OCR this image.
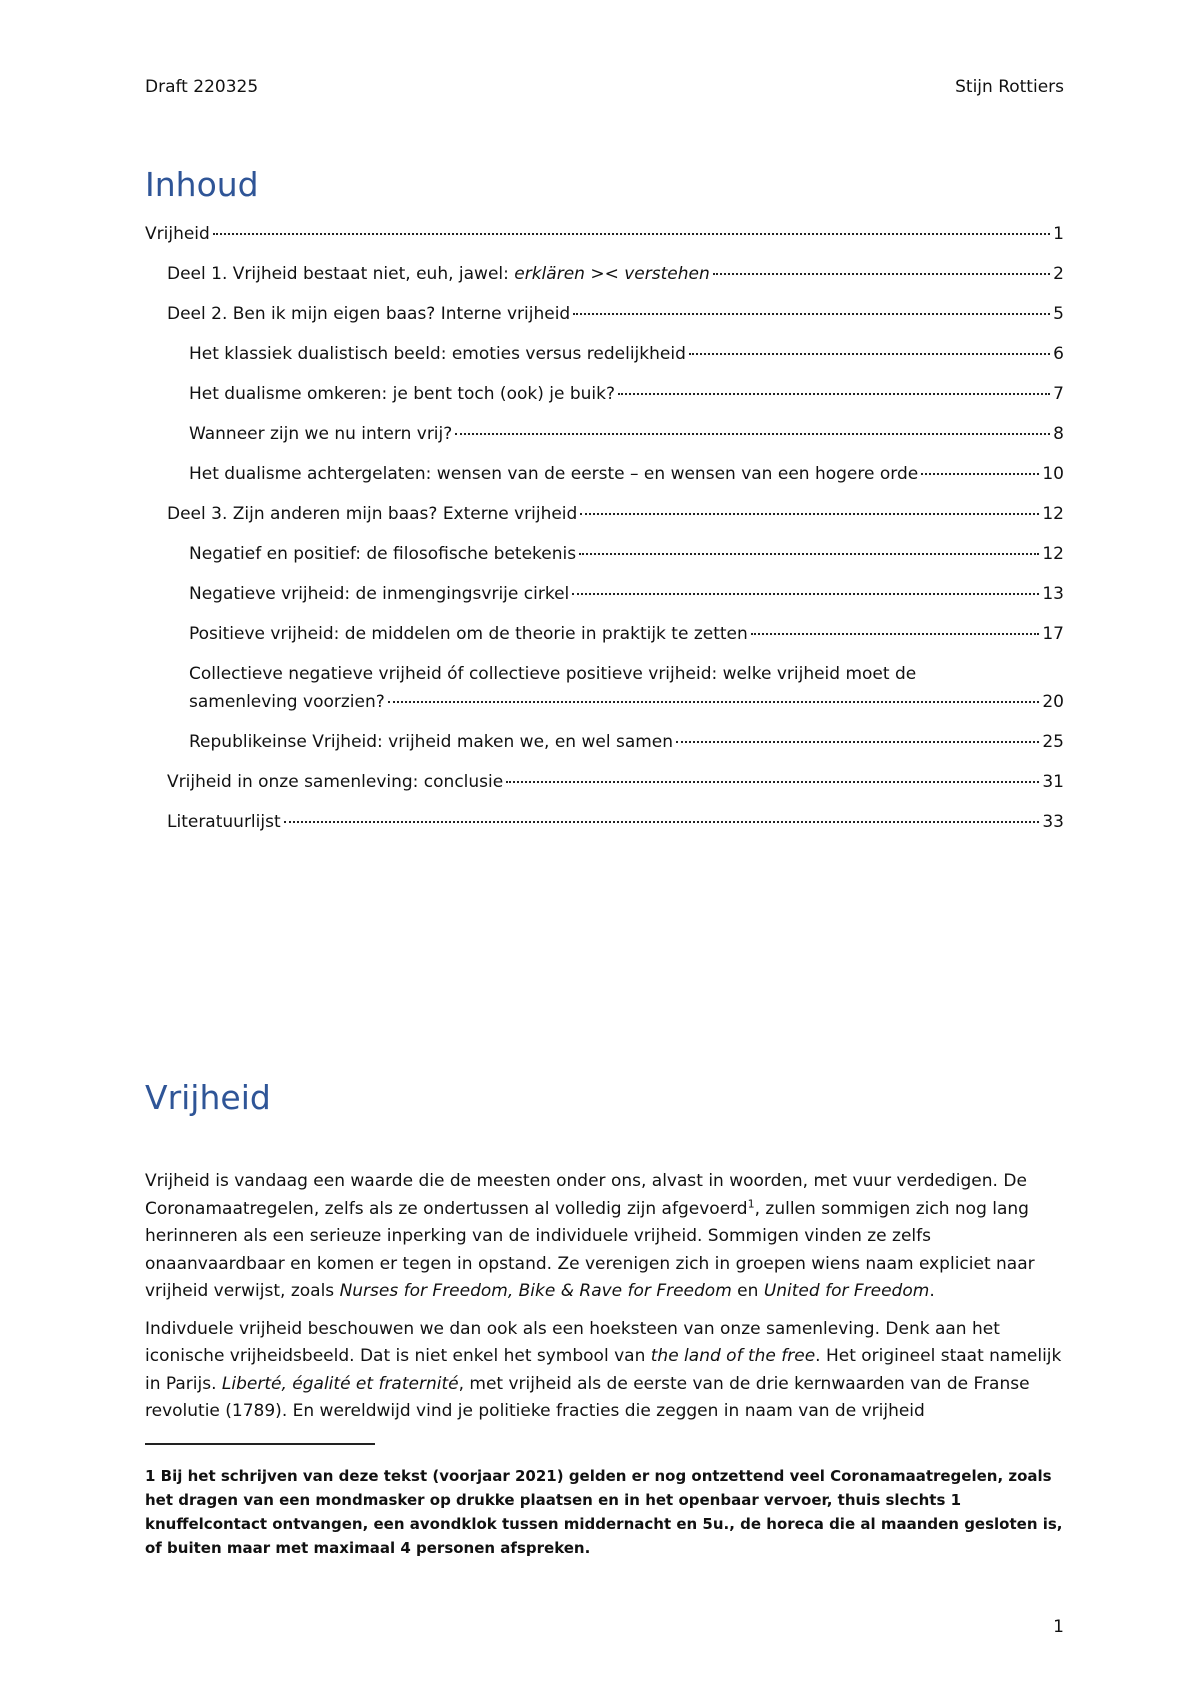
Draft 220325	Stijn Rottiers
Inhoud
Vrijheid	1
Deel 1. Vrijheid bestaat niet, euh, jawel: erklären >< verstehen	2
Deel 2. Ben ik mijn eigen baas? Interne vrijheid	5
Het klassiek dualistisch beeld: emoties versus redelijkheid	6
Het dualisme omkeren: je bent toch (ook) je buik?	7
Wanneer zijn we nu intern vrij?	8
Het dualisme achtergelaten: wensen van de eerste – en wensen van een hogere orde	10
Deel 3. Zijn anderen mijn baas? Externe vrijheid	12
Negatief en positief: de filosofische betekenis	12
Negatieve vrijheid: de inmengingsvrije cirkel	13
Positieve vrijheid: de middelen om de theorie in praktijk te zetten	17
Collectieve negatieve vrijheid óf collectieve positieve vrijheid: welke vrijheid moet de
samenleving voorzien?	20
Republikeinse Vrijheid: vrijheid maken we, en wel samen	25
Vrijheid in onze samenleving: conclusie	31
Literatuurlijst	33
Vrijheid

Vrijheid is vandaag een waarde die de meesten onder ons, alvast in woorden, met vuur verdedigen. De Coronamaatregelen, zelfs als ze ondertussen al volledig zijn afgevoerd$^1$, zullen sommigen zich nog lang herinneren als een serieuze inperking van de individuele vrijheid. Sommigen vinden ze zelfs onaanvaardbaar en komen er tegen in opstand. Ze verenigen zich in groepen wiens naam expliciet naar vrijheid verwijst, zoals Nurses for Freedom, Bike & Rave for Freedom en United for Freedom.

Indivduele vrijheid beschouwen we dan ook als een hoeksteen van onze samenleving. Denk aan het iconische vrijheidsbeeld. Dat is niet enkel het symbool van the land of the free. Het origineel staat namelijk in Parijs. Liberté, égalité et fraternité, met vrijheid als de eerste van de drie kernwaarden van de Franse revolutie (1789). En wereldwijd vind je politieke fracties die zeggen in naam van de vrijheid

1 Bij het schrijven van deze tekst (voorjaar 2021) gelden er nog ontzettend veel Coronamaatregelen, zoals het dragen van een mondmasker op drukke plaatsen en in het openbaar vervoer, thuis slechts 1 knuffelcontact ontvangen, een avondklok tussen middernacht en 5u., de horeca die al maanden gesloten is, of buiten maar met maximaal 4 personen afspreken.
1
